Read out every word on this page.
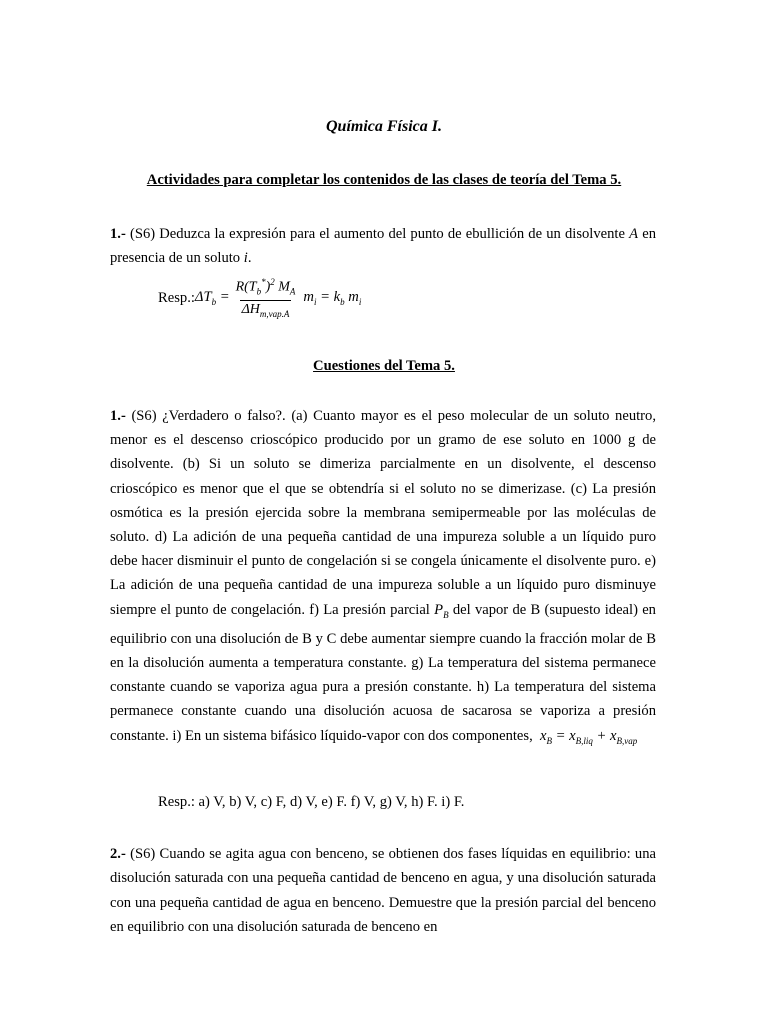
Química Física I.
Actividades para completar los contenidos de las clases de teoría del Tema 5.
1.- (S6) Deduzca la expresión para el aumento del punto de ebullición de un disolvente A en presencia de un soluto i.
Resp.: $\Delta T_b = \frac{R(T_b^*)^2 M_A}{\Delta H_{m,vap.A}} m_i = k_b$ $m_i$
Cuestiones del Tema 5.
1.- (S6) ¿Verdadero o falso?. (a) Cuanto mayor es el peso molecular de un soluto neutro, menor es el descenso crioscópico producido por un gramo de ese soluto en 1000 g de disolvente. (b) Si un soluto se dimeriza parcialmente en un disolvente, el descenso crioscópico es menor que el que se obtendría si el soluto no se dimerizase. (c) La presión osmótica es la presión ejercida sobre la membrana semipermeable por las moléculas de soluto. d) La adición de una pequeña cantidad de una impureza soluble a un líquido puro debe hacer disminuir el punto de congelación si se congela únicamente el disolvente puro. e) La adición de una pequeña cantidad de una impureza soluble a un líquido puro disminuye siempre el punto de congelación. f) La presión parcial $P_B$ del vapor de B (supuesto ideal) en equilibrio con una disolución de B y C debe aumentar siempre cuando la fracción molar de B en la disolución aumenta a temperatura constante. g) La temperatura del sistema permanece constante cuando se vaporiza agua pura a presión constante. h) La temperatura del sistema permanece constante cuando una disolución acuosa de sacarosa se vaporiza a presión constante. i) En un sistema bifásico líquido-vapor con dos componentes,  $x_B = x_{B,liq} + x_{B,vap}$
Resp.: a) V, b) V, c) F, d) V, e) F. f) V, g) V, h) F. i) F.
2.- (S6) Cuando se agita agua con benceno, se obtienen dos fases líquidas en equilibrio: una disolución saturada con una pequeña cantidad de benceno en agua, y una disolución saturada con una pequeña cantidad de agua en benceno. Demuestre que la presión parcial del benceno en equilibrio con una disolución saturada de benceno en
